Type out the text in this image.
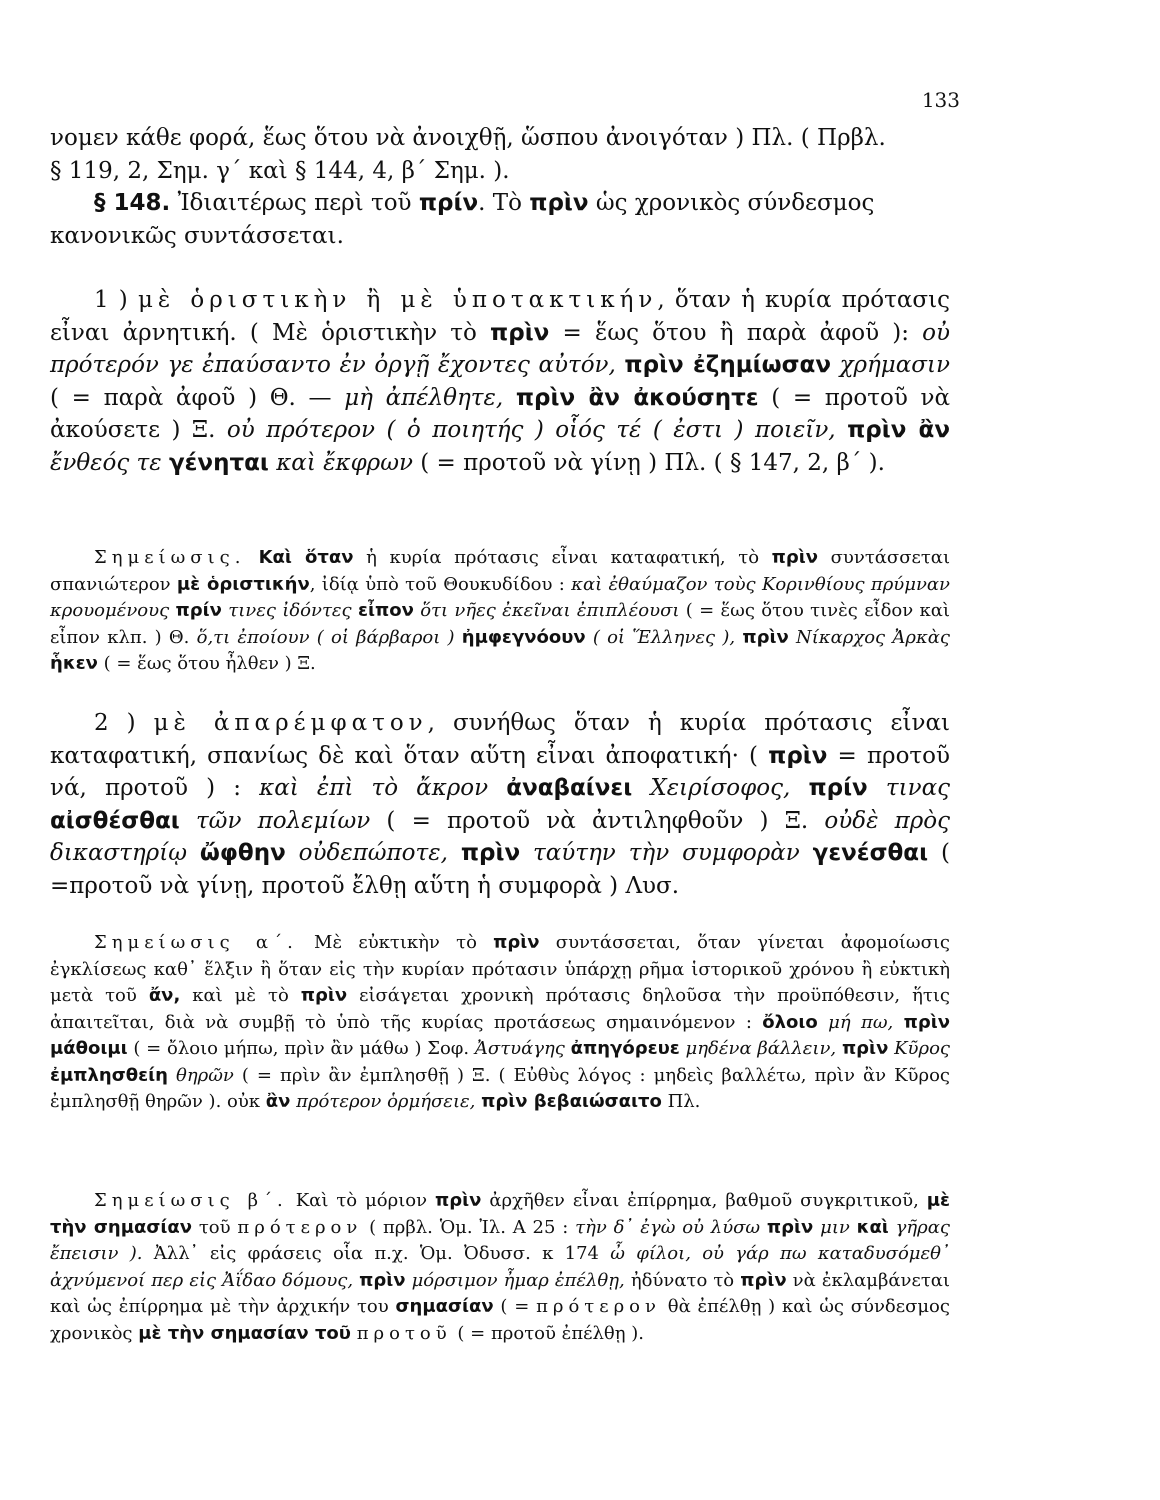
133

νομεν κάθε φορά, ἕως ὅτου νὰ ἀνοιχθῇ, ὥσπου ἀνοιγόταν ) Πλ. ( Πρβλ.

§ 119, 2, Σημ. γ΄ καὶ § 144, 4, β΄ Σημ. ).

§ 148. Ἰδιαιτέρως περὶ τοῦ πρίν. Τὸ πρὶν ὡς χρονικὸς σύνδεσμος

κανονικῶς συντάσσεται.

1 ) μὲ ὁριστικὴν ἢ μὲ ὑποτακτικήν, ὅταν ἡ κυρία πρότασις εἶναι ἀρνητική. ( Μὲ ὁριστικὴν τὸ πρὶν = ἕως ὅτου ἢ παρὰ ἀφοῦ ): οὐ πρότερόν γε ἐπαύσαντο ἐν ὀργῇ ἔχοντες αὐτόν, πρὶν ἐζημίωσαν χρήμασιν ( = παρὰ ἀφοῦ ) Θ. — μὴ ἀπέλθητε, πρὶν ἂν ἀκούσητε ( = προτοῦ νὰ ἀκούσετε ) Ξ. οὐ πρότερον ( ὁ ποιητής ) οἷός τέ ( ἐστι ) ποιεῖν, πρὶν ἂν ἔνθεός τε γένηται καὶ ἔκφρων ( = προτοῦ νὰ γίνῃ ) Πλ. ( § 147, 2, β΄ ).
Σημείωσις. Καὶ ὅταν ἡ κυρία πρότασις εἶναι καταφατική, τὸ πρὶν συντάσσεται σπανιώτερον μὲ ὁριστικήν, ἰδίᾳ ὑπὸ τοῦ Θουκυδίδου : καὶ ἐθαύμαζον τοὺς Κορινθίους πρύμναν κρουομένους πρίν τινες ἰδόντες εἶπον ὅτι νῆες ἐκεῖναι ἐπιπλέουσι ( = ἕως ὅτου τινὲς εἶδον καὶ εἶπον κλπ. ) Θ. ὅ,τι ἐποίουν ( οἱ βάρβαροι ) ἠμφεγνόουν ( οἱ Ἕλληνες ), πρὶν Νίκαρχος Ἀρκὰς ἧκεν ( = ἕως ὅτου ἦλθεν ) Ξ.
2 ) μὲ ἀπαρέμφατον, συνήθως ὅταν ἡ κυρία πρότασις εἶναι καταφατική, σπανίως δὲ καὶ ὅταν αὕτη εἶναι ἀποφατική· ( πρὶν = προτοῦ νά, προτοῦ ) : καὶ ἐπὶ τὸ ἄκρον ἀναβαίνει Χειρίσοφος, πρίν τινας αἰσθέσθαι τῶν πολεμίων ( = προτοῦ νὰ ἀντιληφθοῦν ) Ξ. οὐδὲ πρὸς δικαστηρίῳ ὤφθην οὐδεπώποτε, πρὶν ταύτην τὴν συμφορὰν γενέσθαι ( =προτοῦ νὰ γίνῃ, προτοῦ ἔλθῃ αὕτη ἡ συμφορὰ ) Λυσ.
Σημείωσις α΄. Μὲ εὐκτικὴν τὸ πρὶν συντάσσεται, ὅταν γίνεται ἀφομοίωσις ἐγκλίσεως καθ᾽ ἕλξιν ἢ ὅταν εἰς τὴν κυρίαν πρότασιν ὑπάρχῃ ρῆμα ἱστορικοῦ χρόνου ἢ εὐκτικὴ μετὰ τοῦ ἄν, καὶ μὲ τὸ πρὶν εἰσάγεται χρονικὴ πρότασις δηλοῦσα τὴν προϋπόθεσιν, ἥτις ἀπαιτεῖται, διὰ νὰ συμβῇ τὸ ὑπὸ τῆς κυρίας προτάσεως σημαινόμενον : ὄλοιο μή πω, πρὶν μάθοιμι ( = ὄλοιο μήπω, πρὶν ἂν μάθω ) Σοφ. Ἀστυάγης ἀπηγόρευε μηδένα βάλλειν, πρὶν Κῦρος ἐμπλησθείη θηρῶν ( = πρὶν ἂν ἐμπλησθῇ ) Ξ. ( Εὐθὺς λόγος : μηδεὶς βαλλέτω, πρὶν ἂν Κῦρος ἐμπλησθῇ θηρῶν ). οὐκ ἂν πρότερον ὁρμήσειε, πρὶν βεβαιώσαιτο Πλ.
Σημείωσις β΄. Καὶ τὸ μόριον πρὶν ἀρχῆθεν εἶναι ἐπίρρημα, βαθμοῦ συγκριτικοῦ, μὲ τὴν σημασίαν τοῦ πρότερον ( πρβλ. Ὁμ. Ἰλ. Α 25 : τὴν δ᾽ ἐγὼ οὐ λύσω πρὶν μιν καὶ γῆρας ἔπεισιν ). Ἀλλ᾽ εἰς φράσεις οἷα π.χ. Ὁμ. Ὀδυσσ. κ 174 ὦ φίλοι, οὐ γάρ πω καταδυσόμεθ᾽ ἀχνύμενοί περ εἰς Ἀΐδαο δόμους, πρὶν μόρσιμον ἦμαρ ἐπέλθῃ, ἠδύνατο τὸ πρὶν νὰ ἐκλαμβάνεται καὶ ὡς ἐπίρρημα μὲ τὴν ἀρχικήν του σημασίαν ( = πρότερον θὰ ἐπέλθῃ ) καὶ ὡς σύνδεσμος χρονικὸς μὲ τὴν σημασίαν τοῦ προτοῦ ( = προτοῦ ἐπέλθῃ ).
